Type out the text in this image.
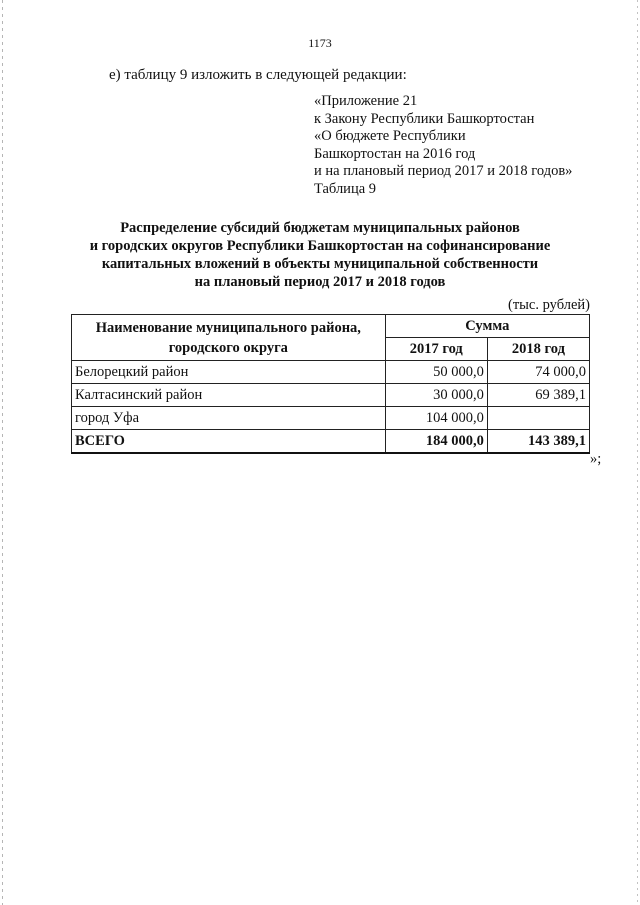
1173
е) таблицу 9 изложить в следующей редакции:
«Приложение 21
к Закону Республики Башкортостан
«О бюджете Республики
Башкортостан на 2016 год
и на плановый период 2017 и 2018 годов»
Таблица 9
Распределение субсидий бюджетам муниципальных районов
и городских округов Республики Башкортостан на софинансирование
капитальных вложений в объекты муниципальной собственности
на плановый период 2017 и 2018 годов
(тыс. рублей)
Наименование муниципального района,
городского округа	Сумма	
	2017 год	2018 год
Белорецкий район	50 000,0	74 000,0
Калтасинский район	30 000,0	69 389,1
город Уфа	104 000,0	
ВСЕГО	184 000,0	143 389,1
»;
